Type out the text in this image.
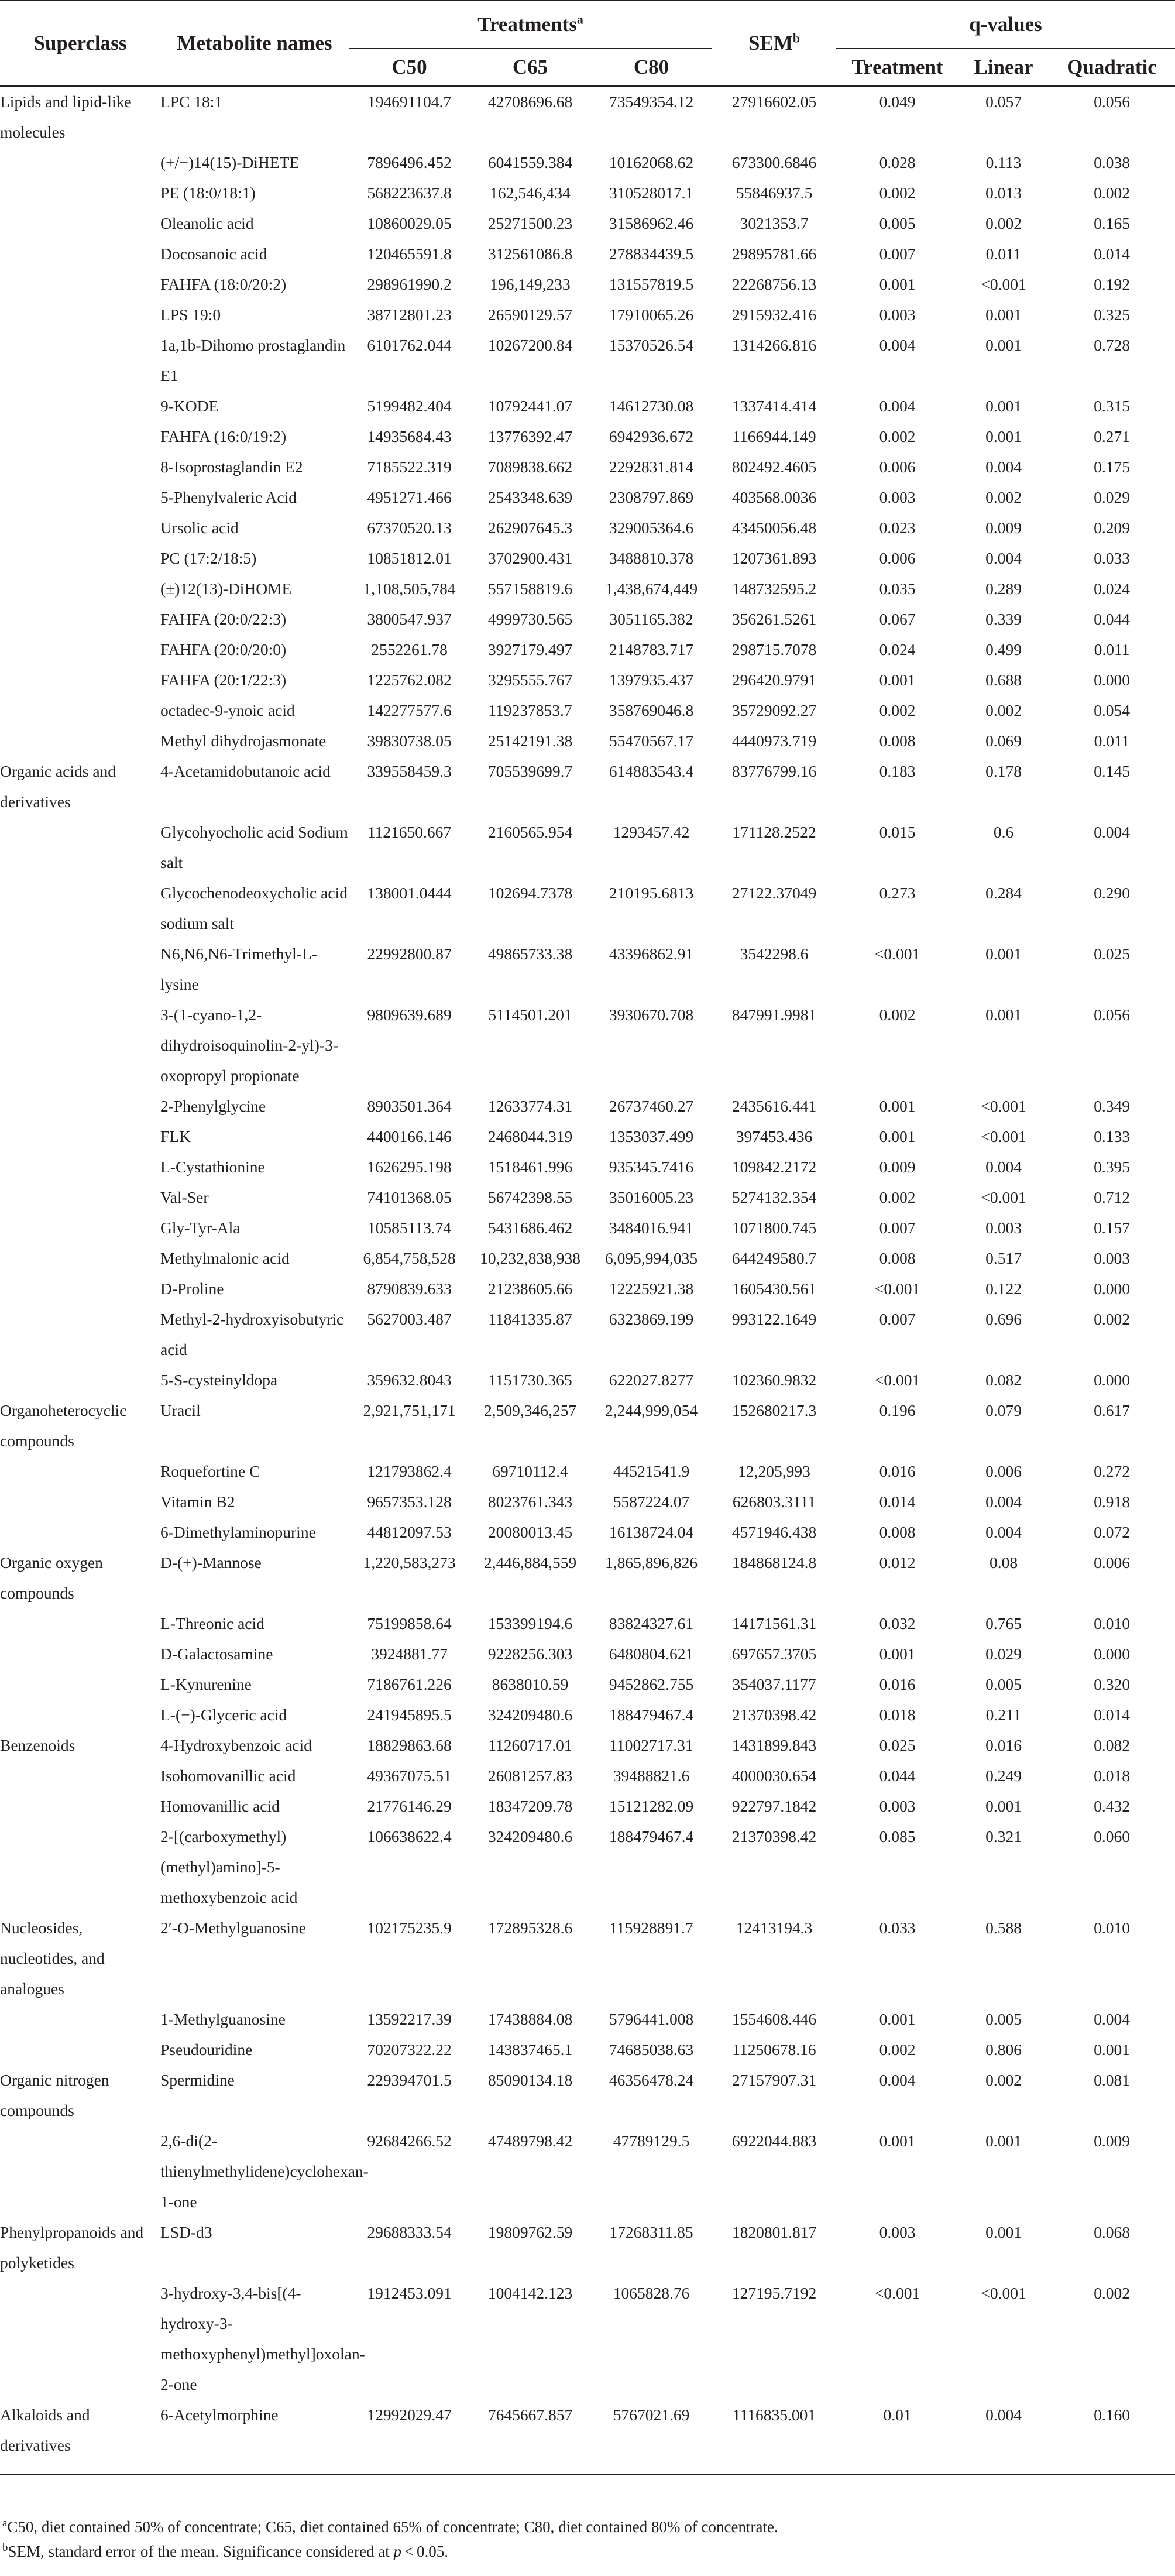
Superclass	Metabolite names	Treatments$^a$			SEM$^b$	q-values		
		C50	C65	C80		Treatment	Linear	Quadratic
Lipids and lipid-like molecules	LPC 18:1	194691104.7	42708696.68	73549354.12	27916602.05	0.049	0.057	0.056
	(+/−)14(15)-DiHETE	7896496.452	6041559.384	10162068.62	673300.6846	0.028	0.113	0.038
	PE (18:0/18:1)	568223637.8	162,546,434	310528017.1	55846937.5	0.002	0.013	0.002
	Oleanolic acid	10860029.05	25271500.23	31586962.46	3021353.7	0.005	0.002	0.165
	Docosanoic acid	120465591.8	312561086.8	278834439.5	29895781.66	0.007	0.011	0.014
	FAHFA (18:0/20:2)	298961990.2	196,149,233	131557819.5	22268756.13	0.001	<0.001	0.192
	LPS 19:0	38712801.23	26590129.57	17910065.26	2915932.416	0.003	0.001	0.325
	1a,1b-Dihomo prostaglandin E1	6101762.044	10267200.84	15370526.54	1314266.816	0.004	0.001	0.728
	9-KODE	5199482.404	10792441.07	14612730.08	1337414.414	0.004	0.001	0.315
	FAHFA (16:0/19:2)	14935684.43	13776392.47	6942936.672	1166944.149	0.002	0.001	0.271
	8-Isoprostaglandin E2	7185522.319	7089838.662	2292831.814	802492.4605	0.006	0.004	0.175
	5-Phenylvaleric Acid	4951271.466	2543348.639	2308797.869	403568.0036	0.003	0.002	0.029
	Ursolic acid	67370520.13	262907645.3	329005364.6	43450056.48	0.023	0.009	0.209
	PC (17:2/18:5)	10851812.01	3702900.431	3488810.378	1207361.893	0.006	0.004	0.033
	(±)12(13)-DiHOME	1,108,505,784	557158819.6	1,438,674,449	148732595.2	0.035	0.289	0.024
	FAHFA (20:0/22:3)	3800547.937	4999730.565	3051165.382	356261.5261	0.067	0.339	0.044
	FAHFA (20:0/20:0)	2552261.78	3927179.497	2148783.717	298715.7078	0.024	0.499	0.011
	FAHFA (20:1/22:3)	1225762.082	3295555.767	1397935.437	296420.9791	0.001	0.688	0.000
	octadec-9-ynoic acid	142277577.6	119237853.7	358769046.8	35729092.27	0.002	0.002	0.054
	Methyl dihydrojasmonate	39830738.05	25142191.38	55470567.17	4440973.719	0.008	0.069	0.011
Organic acids and derivatives	4-Acetamidobutanoic acid	339558459.3	705539699.7	614883543.4	83776799.16	0.183	0.178	0.145
	Glycohyocholic acid Sodium salt	1121650.667	2160565.954	1293457.42	171128.2522	0.015	0.6	0.004
	Glycochenodeoxycholic acid sodium salt	138001.0444	102694.7378	210195.6813	27122.37049	0.273	0.284	0.290
	N6,N6,N6-Trimethyl-L-lysine	22992800.87	49865733.38	43396862.91	3542298.6	<0.001	0.001	0.025
	3-(1-cyano-1,2-dihydroisoquinolin-2-yl)-3-oxopropyl propionate	9809639.689	5114501.201	3930670.708	847991.9981	0.002	0.001	0.056
	2-Phenylglycine	8903501.364	12633774.31	26737460.27	2435616.441	0.001	<0.001	0.349
	FLK	4400166.146	2468044.319	1353037.499	397453.436	0.001	<0.001	0.133
	L-Cystathionine	1626295.198	1518461.996	935345.7416	109842.2172	0.009	0.004	0.395
	Val-Ser	74101368.05	56742398.55	35016005.23	5274132.354	0.002	<0.001	0.712
	Gly-Tyr-Ala	10585113.74	5431686.462	3484016.941	1071800.745	0.007	0.003	0.157
	Methylmalonic acid	6,854,758,528	10,232,838,938	6,095,994,035	644249580.7	0.008	0.517	0.003
	D-Proline	8790839.633	21238605.66	12225921.38	1605430.561	<0.001	0.122	0.000
	Methyl-2-hydroxyisobutyric acid	5627003.487	11841335.87	6323869.199	993122.1649	0.007	0.696	0.002
	5-S-cysteinyldopa	359632.8043	1151730.365	622027.8277	102360.9832	<0.001	0.082	0.000
Organoheterocyclic compounds	Uracil	2,921,751,171	2,509,346,257	2,244,999,054	152680217.3	0.196	0.079	0.617
	Roquefortine C	121793862.4	69710112.4	44521541.9	12,205,993	0.016	0.006	0.272
	Vitamin B2	9657353.128	8023761.343	5587224.07	626803.3111	0.014	0.004	0.918
	6-Dimethylaminopurine	44812097.53	20080013.45	16138724.04	4571946.438	0.008	0.004	0.072
Organic oxygen compounds	D-(+)-Mannose	1,220,583,273	2,446,884,559	1,865,896,826	184868124.8	0.012	0.08	0.006
	L-Threonic acid	75199858.64	153399194.6	83824327.61	14171561.31	0.032	0.765	0.010
	D-Galactosamine	3924881.77	9228256.303	6480804.621	697657.3705	0.001	0.029	0.000
	L-Kynurenine	7186761.226	8638010.59	9452862.755	354037.1177	0.016	0.005	0.320
	L-(−)-Glyceric acid	241945895.5	324209480.6	188479467.4	21370398.42	0.018	0.211	0.014
Benzenoids	4-Hydroxybenzoic acid	18829863.68	11260717.01	11002717.31	1431899.843	0.025	0.016	0.082
	Isohomovanillic acid	49367075.51	26081257.83	39488821.6	4000030.654	0.044	0.249	0.018
	Homovanillic acid	21776146.29	18347209.78	15121282.09	922797.1842	0.003	0.001	0.432
	2-[(carboxymethyl)(methyl)amino]-5-methoxybenzoic acid	106638622.4	324209480.6	188479467.4	21370398.42	0.085	0.321	0.060
Nucleosides, nucleotides, and analogues	2′-O-Methylguanosine	102175235.9	172895328.6	115928891.7	12413194.3	0.033	0.588	0.010
	1-Methylguanosine	13592217.39	17438884.08	5796441.008	1554608.446	0.001	0.005	0.004
	Pseudouridine	70207322.22	143837465.1	74685038.63	11250678.16	0.002	0.806	0.001
Organic nitrogen compounds	Spermidine	229394701.5	85090134.18	46356478.24	27157907.31	0.004	0.002	0.081
	2,6-di(2-thienylmethylidene)cyclohexan-1-one	92684266.52	47489798.42	47789129.5	6922044.883	0.001	0.001	0.009
Phenylpropanoids and polyketides	LSD-d3	29688333.54	19809762.59	17268311.85	1820801.817	0.003	0.001	0.068
	3-hydroxy-3,4-bis[(4-hydroxy-3-methoxyphenyl)methyl]oxolan-2-one	1912453.091	1004142.123	1065828.76	127195.7192	<0.001	<0.001	0.002
Alkaloids and derivatives	6-Acetylmorphine	12992029.47	7645667.857	5767021.69	1116835.001	0.01	0.004	0.160
$^a$C50, diet contained 50% of concentrate; C65, diet contained 65% of concentrate; C80, diet contained 80% of concentrate.
$^b$SEM, standard error of the mean. Significance considered at p < 0.05.
